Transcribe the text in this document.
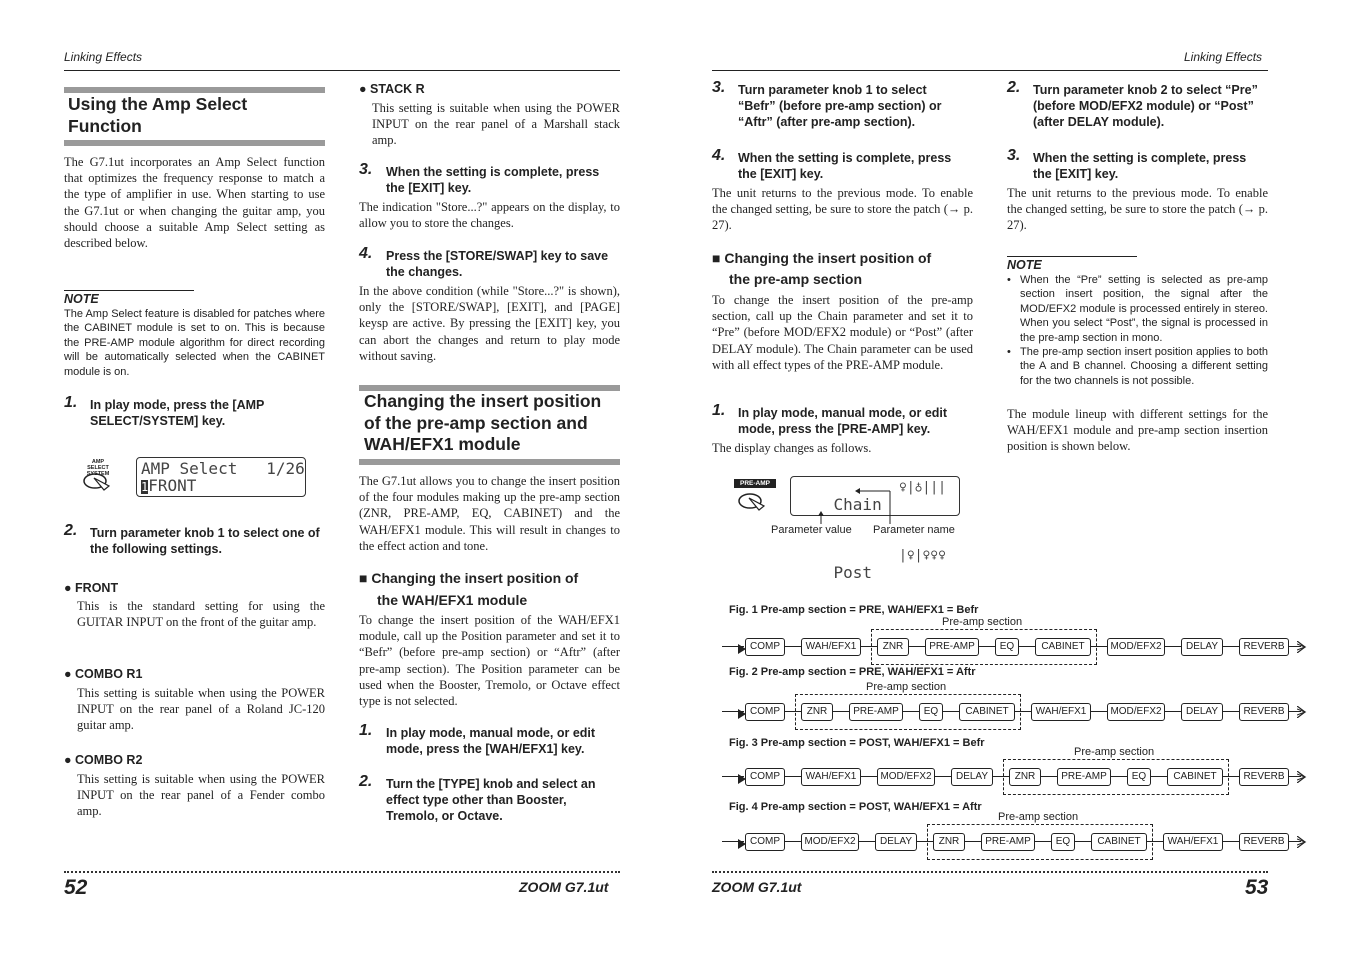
Linking Effects	Linking Effects
Using the Amp Select Function
The G7.1ut incorporates an Amp Select function that optimizes the frequency response to match a the type of amplifier in use. When starting to use the G7.1ut or when changing the guitar amp, you should choose a suitable Amp Select setting as described below.
NOTE
The Amp Select feature is disabled for patches where the CABINET module is set to on. This is because the PRE-AMP module algorithm for direct recording will be automatically selected when the CABINET module is on.
1. In play mode, press the [AMP SELECT/SYSTEM] key.
AMP SELECT SYSTEM AMP Select   1/26
1FRONT
2. Turn parameter knob 1 to select one of the following settings.
● FRONT
This is the standard setting for using the GUITAR INPUT on the front of the guitar amp.
● COMBO R1
This setting is suitable when using the POWER INPUT on the rear panel of a Roland JC-120 guitar amp.
● COMBO R2
This setting is suitable when using the POWER INPUT on the rear panel of a Fender combo amp.
● STACK R
This setting is suitable when using the POWER INPUT on the rear panel of a Marshall stack amp.
3. When the setting is complete, press the [EXIT] key.
The indication "Store...?" appears on the display, to allow you to store the changes.
4. Press the [STORE/SWAP] key to save the changes.
In the above condition (while "Store...?" is shown), only the [STORE/SWAP], [EXIT], and [PAGE] keysp are active. By pressing the [EXIT] key, you can abort the changes and return to play mode without saving.
Changing the insert position of the pre-amp section and WAH/EFX1 module
The G7.1ut allows you to change the insert position of the four modules making up the pre-amp section (ZNR, PRE-AMP, EQ, CABINET) and the WAH/EFX1 module. This will result in changes to the effect action and tone.
■ Changing the insert position of
the WAH/EFX1 module
To change the insert position of the WAH/EFX1 module, call up the Position parameter and set it to “Befr” (before pre-amp section) or “Aftr” (after pre-amp section). The Position parameter can be used when the Booster, Tremolo, or Octave effect type is not selected.
1. In play mode, manual mode, or edit mode, press the [WAH/EFX1] key.
2. Turn the [TYPE] knob and select an effect type other than Booster, Tremolo, or Octave.
3. Turn parameter knob 1 to select “Befr” (before pre-amp section) or “Aftr” (after pre-amp section).
4. When the setting is complete, press the [EXIT] key.
The unit returns to the previous mode. To enable the changed setting, be sure to store the patch (→ p. 27).
■ Changing the insert position of
the pre-amp section
To change the insert position of the pre-amp section, call up the Chain parameter and set it to “Pre” (before MOD/EFX2 module) or “Post” (after DELAY module). The Chain parameter can be used with all effect types of the PRE-AMP module.
1. In play mode, manual mode, or edit mode, press the [PRE-AMP] key.
The display changes as follows.
PRE-AMP

Chain

♀|♁|||

Post

|♀|♀♀♀

Parameter value Parameter name
2. Turn parameter knob 2 to select “Pre” (before MOD/EFX2 module) or “Post” (after DELAY module).
3. When the setting is complete, press the [EXIT] key.
The unit returns to the previous mode. To enable the changed setting, be sure to store the patch (→ p. 27).
NOTE
• When the “Pre” setting is selected as pre-amp section insert position, the signal after the MOD/EFX2 module is processed entirely in stereo. When you select “Post”, the signal is processed in the pre-amp section in mono.
• The pre-amp section insert position applies to both the A and B channel. Choosing a different setting for the two channels is not possible.
The module lineup with different settings for the WAH/EFX1 module and pre-amp section insertion position is shown below.
Fig. 1 Pre-amp section = PRE, WAH/EFX1 = Befr
COMP	WAH/EFX1	ZNR	PRE-AMP	EQ	CABINET	MOD/EFX2	DELAY	REVERB
Pre-amp section
Fig. 2 Pre-amp section = PRE, WAH/EFX1 = Aftr
COMP	ZNR	PRE-AMP	EQ	CABINET	WAH/EFX1	MOD/EFX2	DELAY	REVERB
Pre-amp section
Fig. 3 Pre-amp section = POST, WAH/EFX1 = Befr
COMP	WAH/EFX1	MOD/EFX2	DELAY	ZNR	PRE-AMP	EQ	CABINET	REVERB
Pre-amp section
Fig. 4 Pre-amp section = POST, WAH/EFX1 = Aftr
COMP	MOD/EFX2	DELAY	ZNR	PRE-AMP	EQ	CABINET	WAH/EFX1	REVERB
Pre-amp section
52	ZOOM G7.1ut	ZOOM G7.1ut	53
